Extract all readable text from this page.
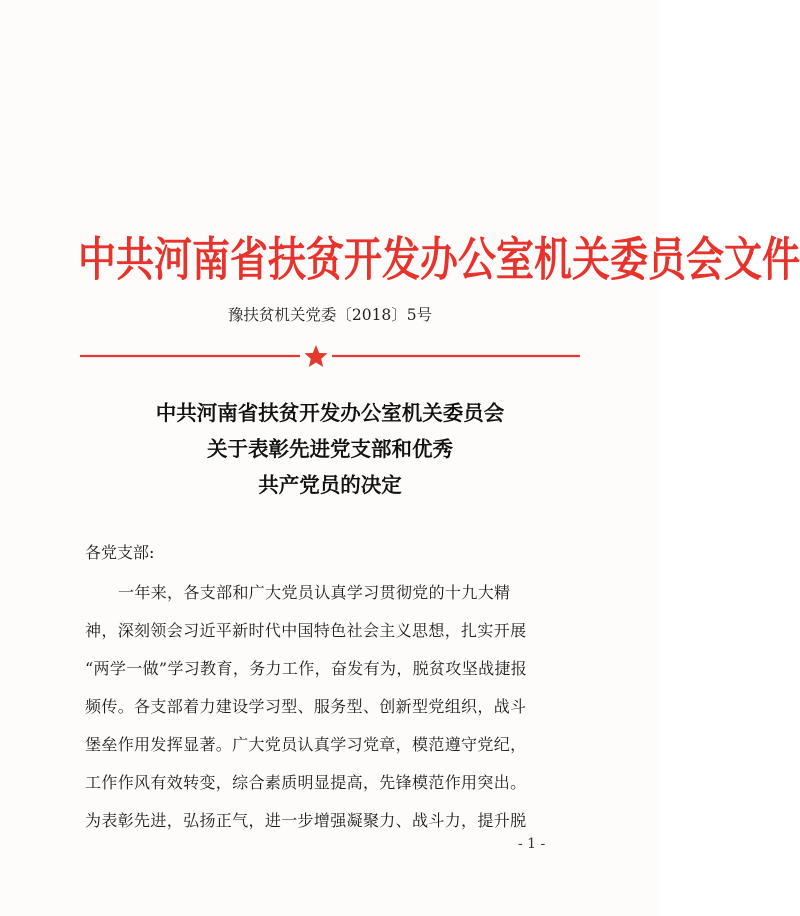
中共河南省扶贫开发办公室机关委员会文件
豫扶贫机关党委〔2018〕5号
中共河南省扶贫开发办公室机关委员会
关于表彰先进党支部和优秀
共产党员的决定
各党支部:
一年来，各支部和广大党员认真学习贯彻党的十九大精
神，深刻领会习近平新时代中国特色社会主义思想，扎实开展
“两学一做”学习教育，务力工作，奋发有为，脱贫攻坚战捷报
频传。各支部着力建设学习型、服务型、创新型党组织，战斗
堡垒作用发挥显著。广大党员认真学习党章，模范遵守党纪，
工作作风有效转变，综合素质明显提高，先锋模范作用突出。
为表彰先进，弘扬正气，进一步增强凝聚力、战斗力，提升脱
- 1 -
